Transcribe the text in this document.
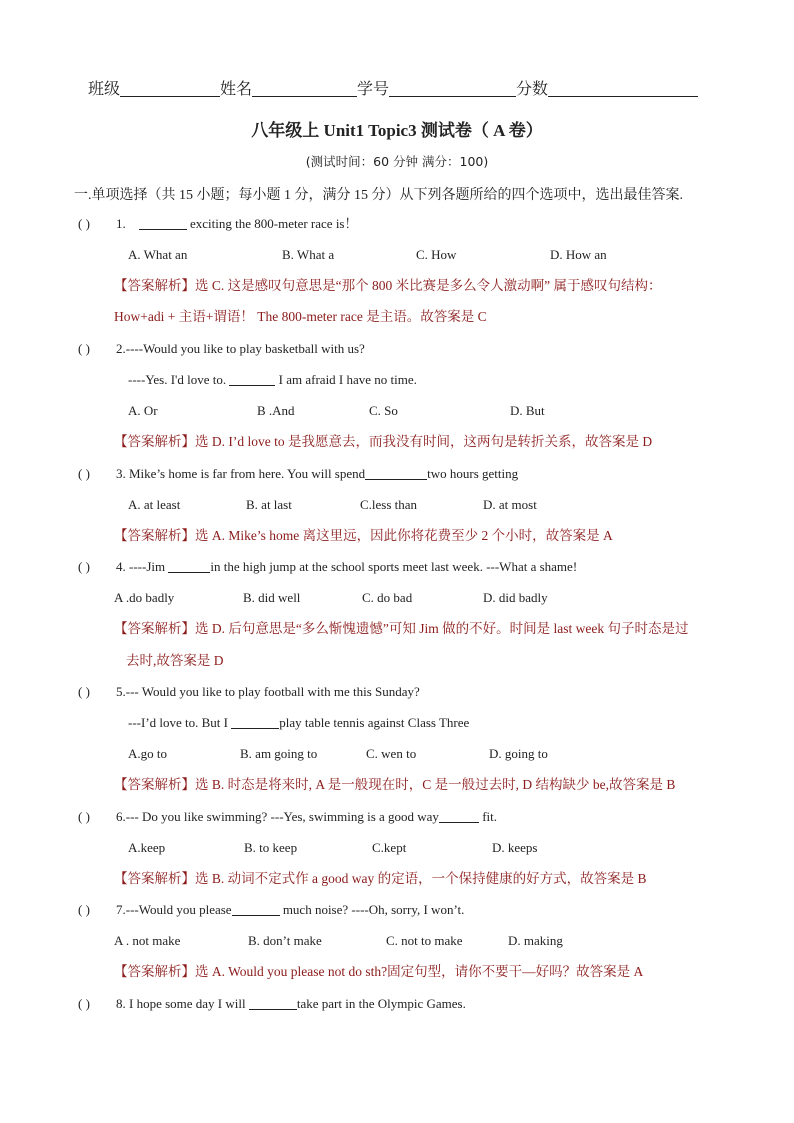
班级	姓名	学号	分数
八年级上 Unit1 Topic3 测试卷（ A 卷）
(测试时间：60 分钟 满分：100)
一.单项选择（共 15 小题；每小题 1 分，满分 15 分）从下列各题所给的四个选项中，选出最佳答案.
( ) 1.	exciting the 800-meter race is！
A. What an	B. What a	C. How	D. How an
【答案解析】选 C. 这是感叹句意思是“那个 800 米比赛是多么令人激动啊” 属于感叹句结构：
How+adi + 主语+谓语！ The 800-meter race 是主语。故答案是 C
( ) 2.----Would you like to play basketball with us?
----Yes. I'd love to.	I am afraid I have no time.
A. Or	B .And	C. So	D. But
【答案解析】选 D. I’d love to 是我愿意去，而我没有时间，这两句是转折关系，故答案是 D
( ) 3. Mike’s home is far from here. You will spend	two hours getting
A. at least	B. at last	C.less than	D. at most
【答案解析】选 A. Mike’s home 离这里远，因此你将花费至少 2 个小时，故答案是 A
( ) 4. ----Jim	in the high jump at the school sports meet last week. ---What a shame!
A .do badly	B. did well	C. do bad	D. did badly
【答案解析】选 D. 后句意思是“多么惭愧遗憾”可知 Jim 做的不好。时间是 last week 句子时态是过
去时,故答案是 D
( ) 5.--- Would you like to play football with me this Sunday?
---I’d love to. But I	play table tennis against Class Three
A.go to	B. am going to	C. wen to	D. going to
【答案解析】选 B. 时态是将来时, A 是一般现在时，C 是一般过去时, D 结构缺少 be,故答案是 B
( ) 6.--- Do you like swimming? ---Yes, swimming is a good way	fit.
A.keep	B. to keep	C.kept	D. keeps
【答案解析】选 B. 动词不定式作 a good way 的定语，一个保持健康的好方式，故答案是 B
( ) 7.---Would you please	much noise? ----Oh, sorry, I won’t.
A . not make	B. don’t make	C. not to make	D. making
【答案解析】选 A. Would you please not do sth?固定句型，请你不要干—好吗？故答案是 A
( ) 8. I hope some day I will	take part in the Olympic Games.
